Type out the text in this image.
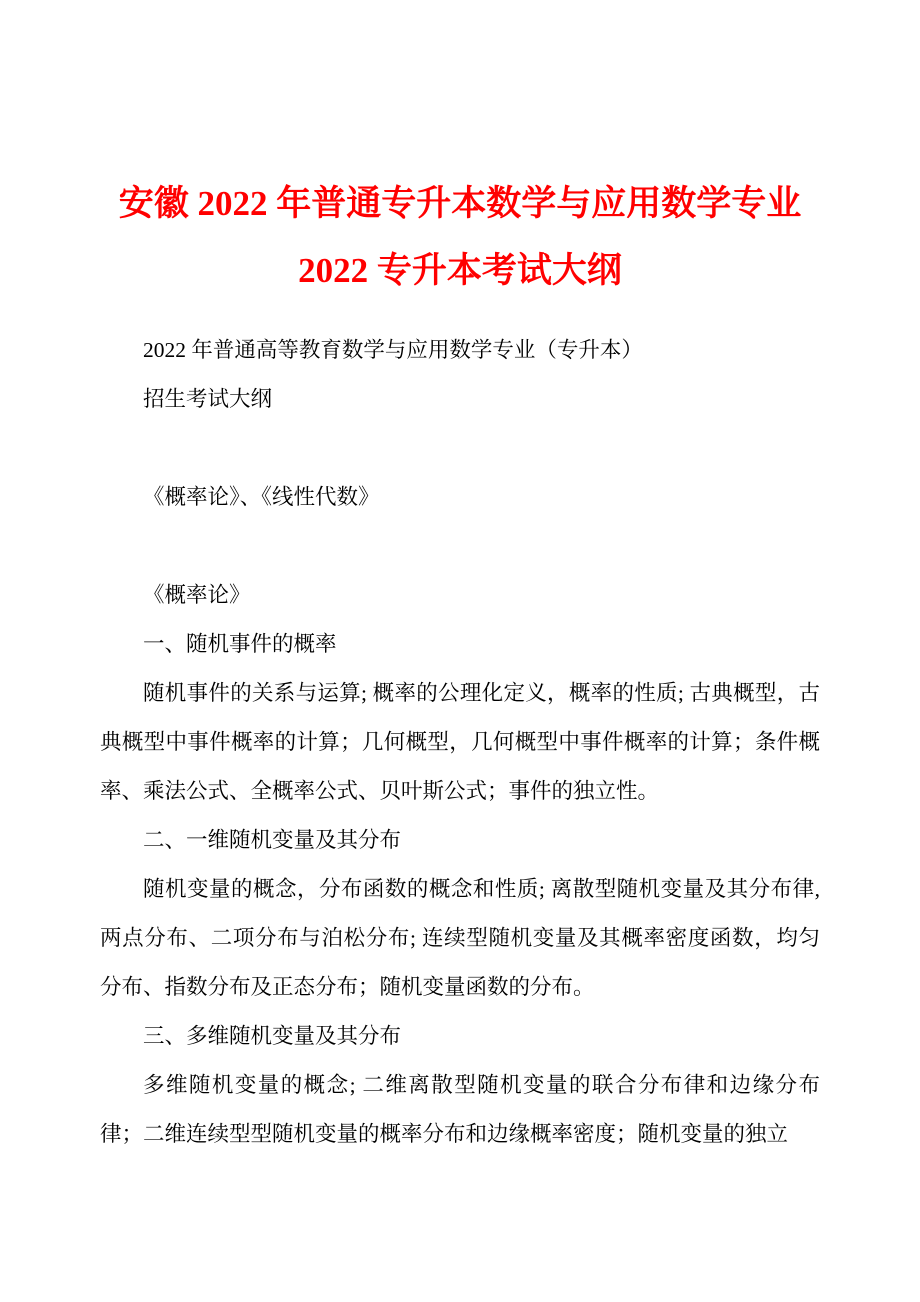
安徽 2022 年普通专升本数学与应用数学专业
2022 专升本考试大纲

2022 年普通高等教育数学与应用数学专业（专升本）

招生考试大纲

《概率论》、《线性代数》

《概率论》

一、随机事件的概率

随机事件的关系与运算; 概率的公理化定义，概率的性质; 古典概型，古典概型中事件概率的计算；几何概型，几何概型中事件概率的计算；条件概率、乘法公式、全概率公式、贝叶斯公式；事件的独立性。

二、一维随机变量及其分布

随机变量的概念，分布函数的概念和性质; 离散型随机变量及其分布律, 两点分布、二项分布与泊松分布; 连续型随机变量及其概率密度函数，均匀分布、指数分布及正态分布；随机变量函数的分布。

三、多维随机变量及其分布

多维随机变量的概念; 二维离散型随机变量的联合分布律和边缘分布律；二维连续型型随机变量的概率分布和边缘概率密度；随机变量的独立
